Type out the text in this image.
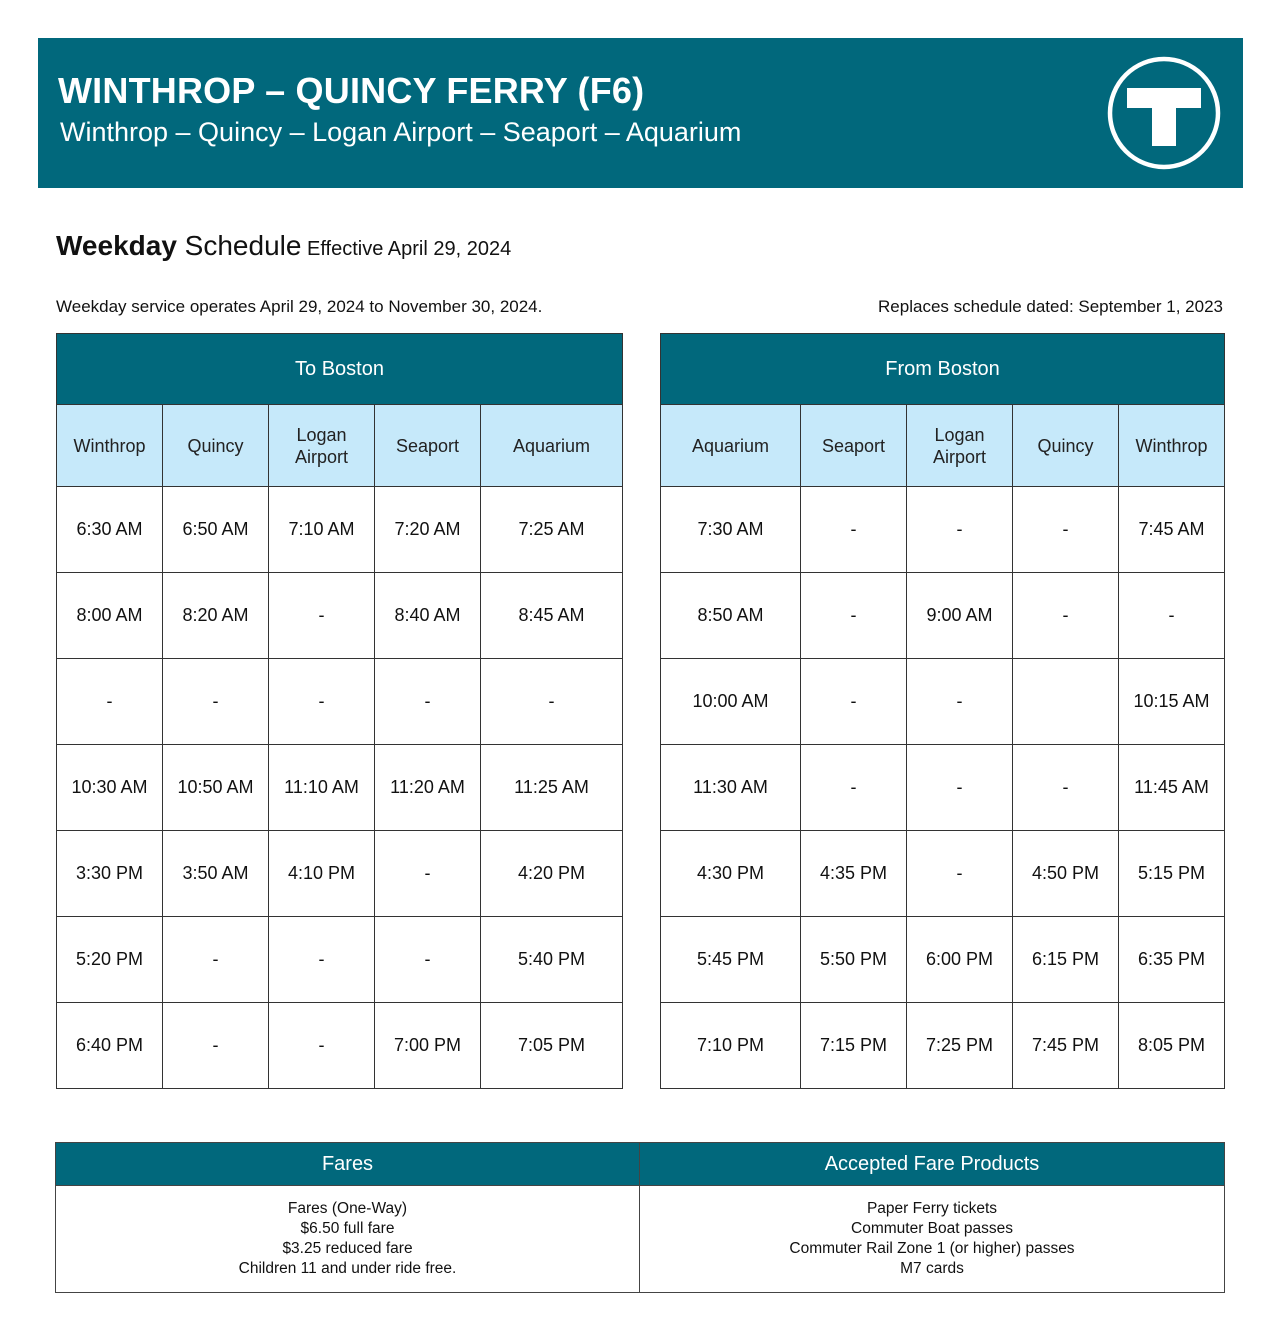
WINTHROP – QUINCY FERRY (F6)
Winthrop – Quincy – Logan Airport – Seaport – Aquarium
Weekday Schedule Effective April 29, 2024
Weekday service operates April 29, 2024 to November 30, 2024.	Replaces schedule dated: September 1, 2023
To Boston				
Winthrop	Quincy	Logan Airport	Seaport	Aquarium
6:30 AM	6:50 AM	7:10 AM	7:20 AM	7:25 AM
8:00 AM	8:20 AM	-	8:40 AM	8:45 AM
-	-	-	-	-
10:30 AM	10:50 AM	11:10 AM	11:20 AM	11:25 AM
3:30 PM	3:50 AM	4:10 PM	-	4:20 PM
5:20 PM	-	-	-	5:40 PM
6:40 PM	-	-	7:00 PM	7:05 PM
From Boston				
Aquarium	Seaport	Logan Airport	Quincy	Winthrop
7:30 AM	-	-	-	7:45 AM
8:50 AM	-	9:00 AM	-	-
10:00 AM	-	-		10:15 AM
11:30 AM	-	-	-	11:45 AM
4:30 PM	4:35 PM	-	4:50 PM	5:15 PM
5:45 PM	5:50 PM	6:00 PM	6:15 PM	6:35 PM
7:10 PM	7:15 PM	7:25 PM	7:45 PM	8:05 PM
Fares	Accepted Fare Products

Fares (One-Way)
$6.50 full fare
$3.25 reduced fare
Children 11 and under ride free.

Paper Ferry tickets
Commuter Boat passes
Commuter Rail Zone 1 (or higher) passes
M7 cards
